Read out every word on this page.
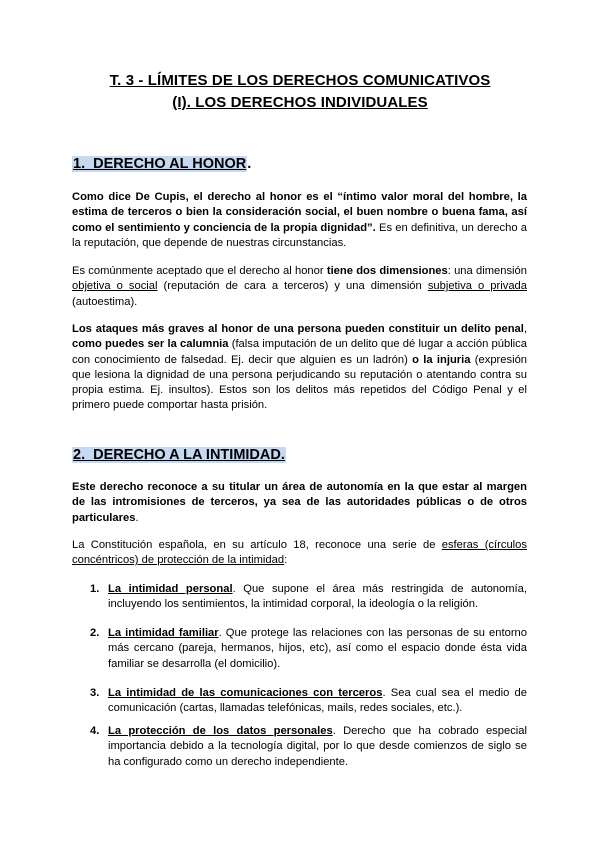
T. 3 - LÍMITES DE LOS DERECHOS COMUNICATIVOS
(I). LOS DERECHOS INDIVIDUALES
1. DERECHO AL HONOR.
Como dice De Cupis, el derecho al honor es el “íntimo valor moral del hombre, la estima de terceros o bien la consideración social, el buen nombre o buena fama, así como el sentimiento y conciencia de la propia dignidad”. Es en definitiva, un derecho a la reputación, que depende de nuestras circunstancias.
Es comúnmente aceptado que el derecho al honor tiene dos dimensiones: una dimensión objetiva o social (reputación de cara a terceros) y una dimensión subjetiva o privada (autoestima).
Los ataques más graves al honor de una persona pueden constituir un delito penal, como puedes ser la calumnia (falsa imputación de un delito que dé lugar a acción pública con conocimiento de falsedad. Ej. decir que alguien es un ladrón) o la injuria (expresión que lesiona la dignidad de una persona perjudicando su reputación o atentando contra su propia estima. Ej. insultos). Estos son los delitos más repetidos del Código Penal y el primero puede comportar hasta prisión.
2. DERECHO A LA INTIMIDAD.
Este derecho reconoce a su titular un área de autonomía en la que estar al margen de las intromisiones de terceros, ya sea de las autoridades públicas o de otros particulares.
La Constitución española, en su artículo 18, reconoce una serie de esferas (círculos concéntricos) de protección de la intimidad:
1. La intimidad personal. Que supone el área más restringida de autonomía, incluyendo los sentimientos, la intimidad corporal, la ideología o la religión.
2. La intimidad familiar. Que protege las relaciones con las personas de su entorno más cercano (pareja, hermanos, hijos, etc), así como el espacio donde ésta vida familiar se desarrolla (el domicilio).
3. La intimidad de las comunicaciones con terceros. Sea cual sea el medio de comunicación (cartas, llamadas telefónicas, mails, redes sociales, etc.).
4. La protección de los datos personales. Derecho que ha cobrado especial importancia debido a la tecnología digital, por lo que desde comienzos de siglo se ha configurado como un derecho independiente.
